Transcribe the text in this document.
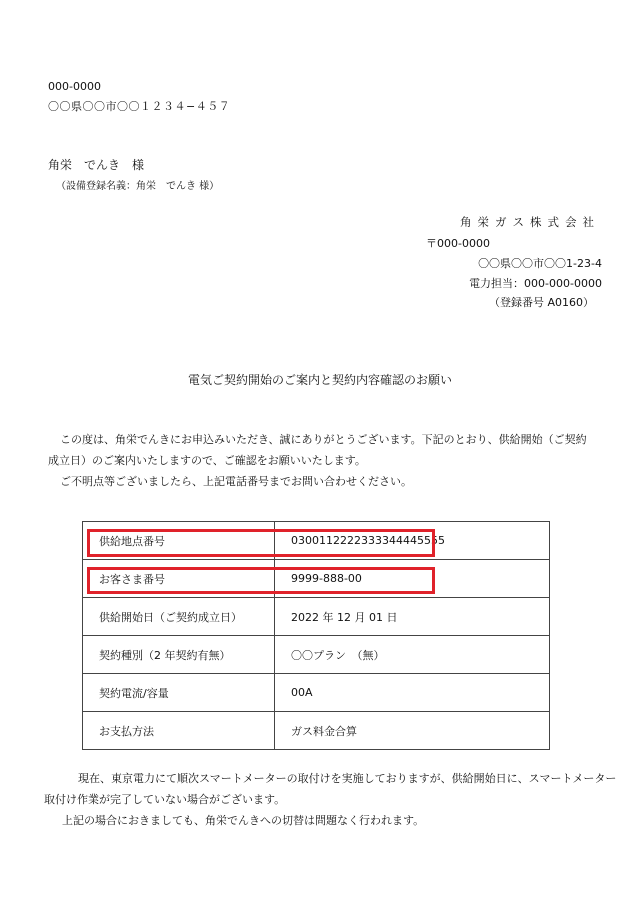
000-0000
〇〇県〇〇市〇〇１２３４−４５７
角栄　でんき　様
（設備登録名義：角栄　でんき 様）
角栄ガス株式会社
〒000-0000
〇〇県〇〇市〇〇1-23-4
電力担当：000-000-0000
（登録番号 A0160）
電気ご契約開始のご案内と契約内容確認のお願い

この度は、角栄でんきにお申込みいただき、誠にありがとうございます。下記のとおり、供給開始（ご契約

成立日）のご案内いたしますので、ご確認をお願いいたします。

ご不明点等ございましたら、上記電話番号までお問い合わせください。

供給地点番号	0300112222333344445555
お客さま番号	9999-888-00
供給開始日（ご契約成立日）	2022 年 12 月 01 日
契約種別（2 年契約有無）	〇〇プラン　（無）
契約電流/容量	00A
お支払方法	ガス料金合算

現在、東京電力にて順次スマートメーターの取付けを実施しておりますが、供給開始日に、スマートメーター

取付け作業が完了していない場合がございます。

上記の場合におきましても、角栄でんきへの切替は問題なく行われます。
